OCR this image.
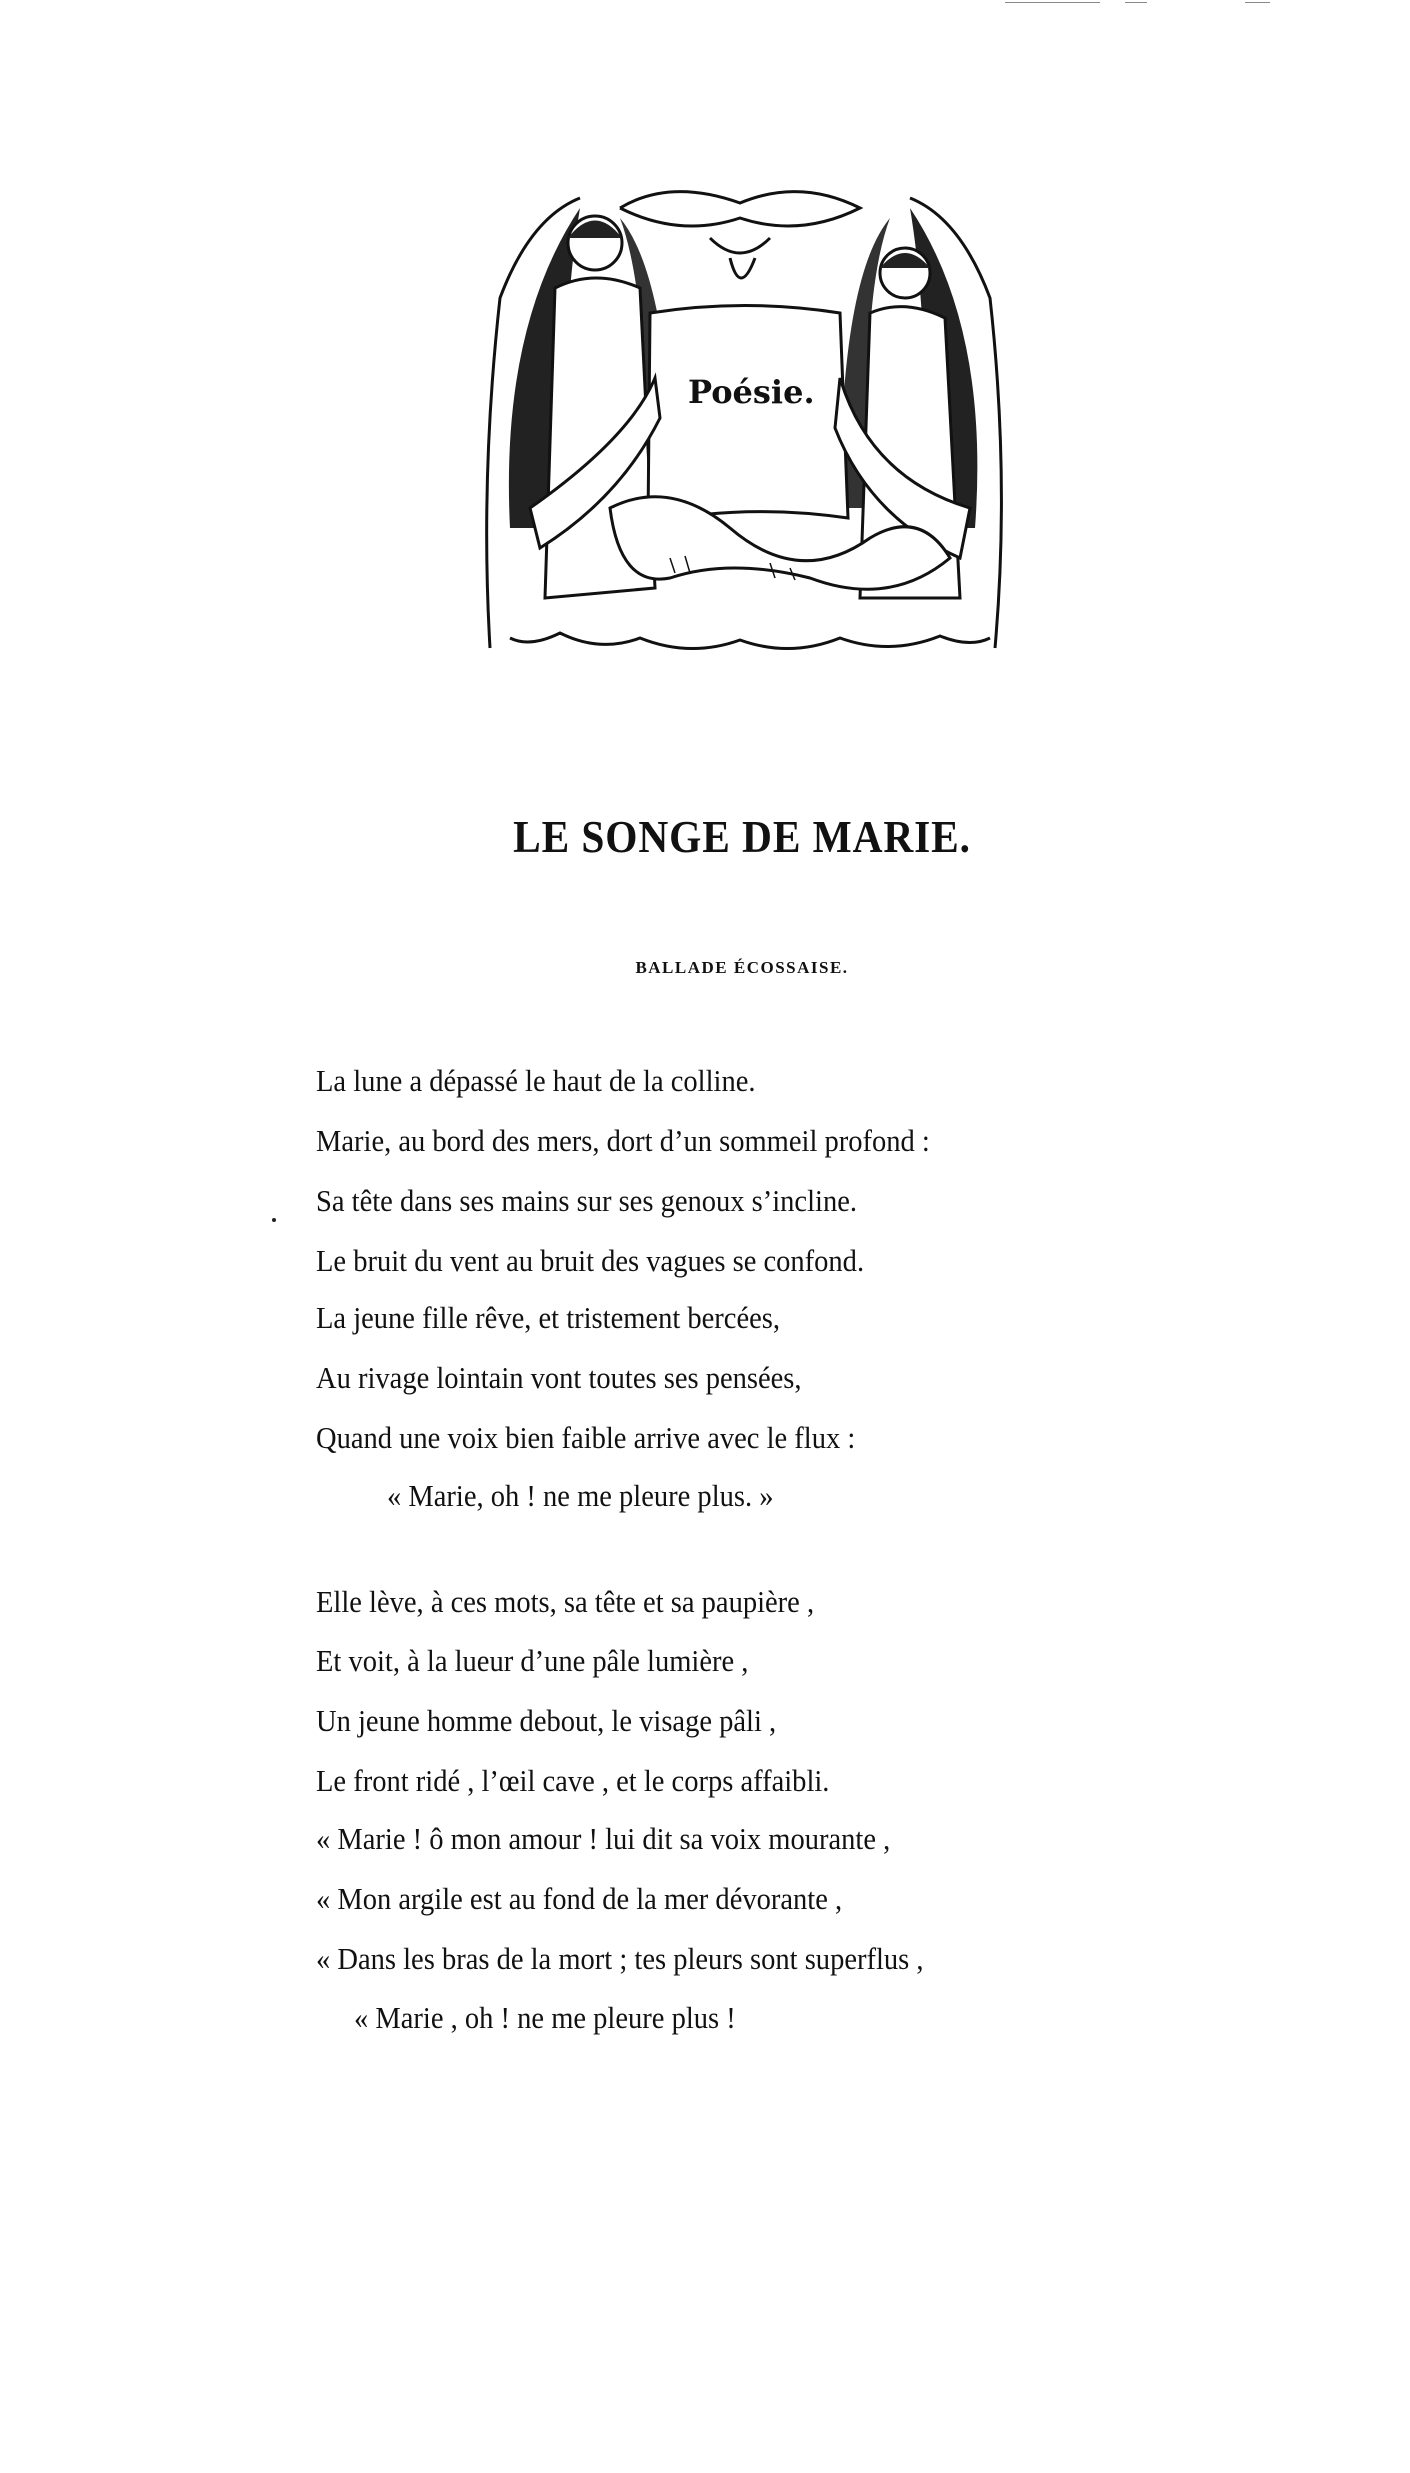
Poésie.
LE SONGE DE MARIE.
BALLADE ÉCOSSAISE.
La lune a dépassé le haut de la colline.
Marie, au bord des mers, dort d’un sommeil profond :
Sa tête dans ses mains sur ses genoux s’incline.
Le bruit du vent au bruit des vagues se confond.
La jeune fille rêve, et tristement bercées,
Au rivage lointain vont toutes ses pensées,
Quand une voix bien faible arrive avec le flux :
« Marie, oh ! ne me pleure plus. »
Elle lève, à ces mots, sa tête et sa paupière ,
Et voit, à la lueur d’une pâle lumière ,
Un jeune homme debout, le visage pâli ,
Le front ridé , l’œil cave , et le corps affaibli.
« Marie ! ô mon amour ! lui dit sa voix mourante ,
« Mon argile est au fond de la mer dévorante ,
« Dans les bras de la mort ; tes pleurs sont superflus ,
« Marie , oh ! ne me pleure plus !
